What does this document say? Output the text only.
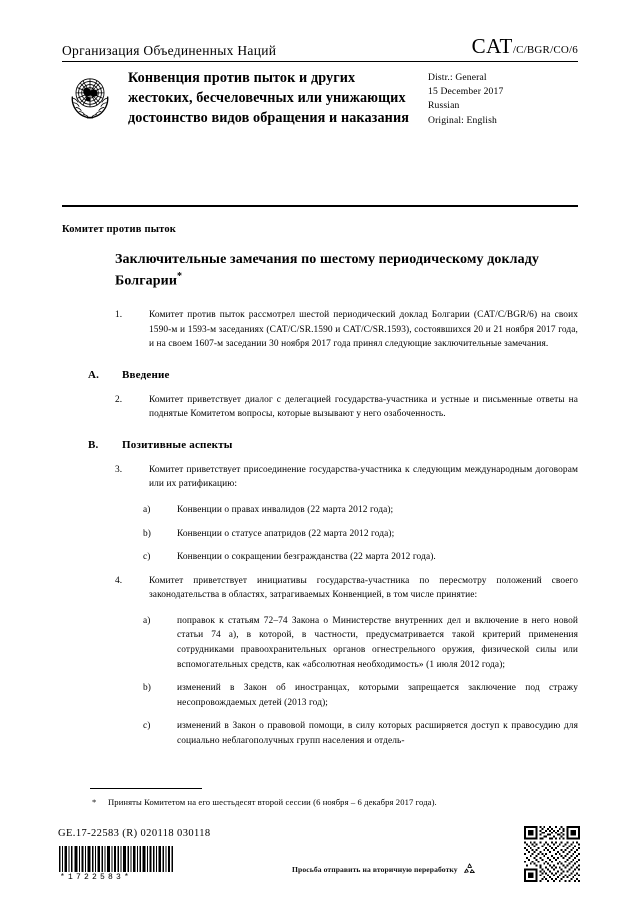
Организация Объединенных Наций	CAT/C/BGR/CO/6
Конвенция против пыток и других жестоких, бесчеловечных или унижающих достоинство видов обращения и наказания
Distr.: General
15 December 2017
Russian
Original: English
Комитет против пыток
Заключительные замечания по шестому периодическому докладу Болгарии*

1.	Комитет против пыток рассмотрел шестой периодический доклад Болгарии (CAT/C/BGR/6) на своих 1590-м и 1593-м заседаниях (CAT/C/SR.1590 и CAT/C/SR.1593), состоявшихся 20 и 21 ноября 2017 года, и на своем 1607-м заседании 30 ноября 2017 года принял следующие заключительные замечания.

A. Введение

2.	Комитет приветствует диалог с делегацией государства-участника и устные и письменные ответы на поднятые Комитетом вопросы, которые вызывают у него озабоченность.

B. Позитивные аспекты

3.	Комитет приветствует присоединение государства-участника к следующим международным договорам или их ратификацию:

a)	Конвенции о правах инвалидов (22 марта 2012 года);

b)	Конвенции о статусе апатридов (22 марта 2012 года);

c)	Конвенции о сокращении безгражданства (22 марта 2012 года).

4.	Комитет приветствует инициативы государства-участника по пересмотру положений своего законодательства в областях, затрагиваемых Конвенцией, в том числе принятие:

a)	поправок к статьям 72–74 Закона о Министерстве внутренних дел и включение в него новой статьи 74 а), в которой, в частности, предусматривается такой критерий применения сотрудниками правоохранительных органов огнестрельного оружия, физической силы или вспомогательных средств, как «абсолютная необходимость» (1 июля 2012 года);

b)	изменений в Закон об иностранцах, которыми запрещается заключение под стражу несопровождаемых детей (2013 год);

c)	изменений в Закон о правовой помощи, в силу которых расширяется доступ к правосудию для социально неблагополучных групп населения и отдель-

* Приняты Комитетом на его шестьдесят второй сессии (6 ноября – 6 декабря 2017 года).
GE.17-22583 (R) 020118 030118
*1722583*
Просьба отправить на вторичную переработку
